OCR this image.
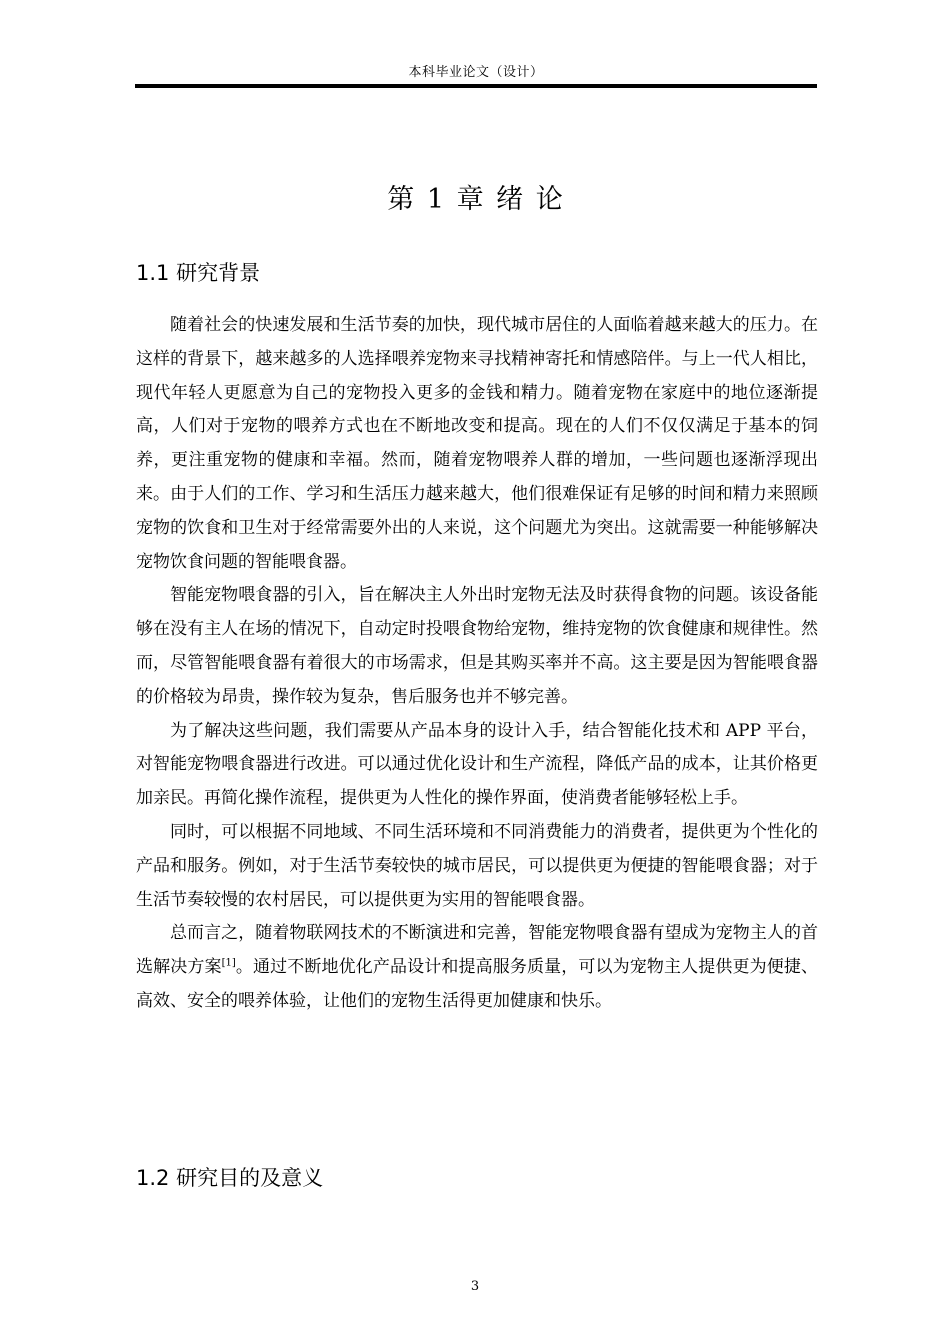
本科毕业论文（设计）
第 1 章 绪 论
1.1 研究背景

随着社会的快速发展和生活节奏的加快，现代城市居住的人面临着越来越大的压力。在这样的背景下，越来越多的人选择喂养宠物来寻找精神寄托和情感陪伴。与上一代人相比，现代年轻人更愿意为自己的宠物投入更多的金钱和精力。随着宠物在家庭中的地位逐渐提高，人们对于宠物的喂养方式也在不断地改变和提高。现在的人们不仅仅满足于基本的饲养，更注重宠物的健康和幸福。然而，随着宠物喂养人群的增加，一些问题也逐渐浮现出来。由于人们的工作、学习和生活压力越来越大，他们很难保证有足够的时间和精力来照顾宠物的饮食和卫生对于经常需要外出的人来说，这个问题尤为突出。这就需要一种能够解决宠物饮食问题的智能喂食器。

智能宠物喂食器的引入，旨在解决主人外出时宠物无法及时获得食物的问题。该设备能够在没有主人在场的情况下，自动定时投喂食物给宠物，维持宠物的饮食健康和规律性。然而，尽管智能喂食器有着很大的市场需求，但是其购买率并不高。这主要是因为智能喂食器的价格较为昂贵，操作较为复杂，售后服务也并不够完善。

为了解决这些问题，我们需要从产品本身的设计入手，结合智能化技术和 APP 平台，对智能宠物喂食器进行改进。可以通过优化设计和生产流程，降低产品的成本，让其价格更加亲民。再简化操作流程，提供更为人性化的操作界面，使消费者能够轻松上手。

同时，可以根据不同地域、不同生活环境和不同消费能力的消费者，提供更为个性化的产品和服务。例如，对于生活节奏较快的城市居民，可以提供更为便捷的智能喂食器；对于生活节奏较慢的农村居民，可以提供更为实用的智能喂食器。

总而言之，随着物联网技术的不断演进和完善，智能宠物喂食器有望成为宠物主人的首选解决方案[1]。通过不断地优化产品设计和提高服务质量，可以为宠物主人提供更为便捷、高效、安全的喂养体验，让他们的宠物生活得更加健康和快乐。

1.2 研究目的及意义
3
